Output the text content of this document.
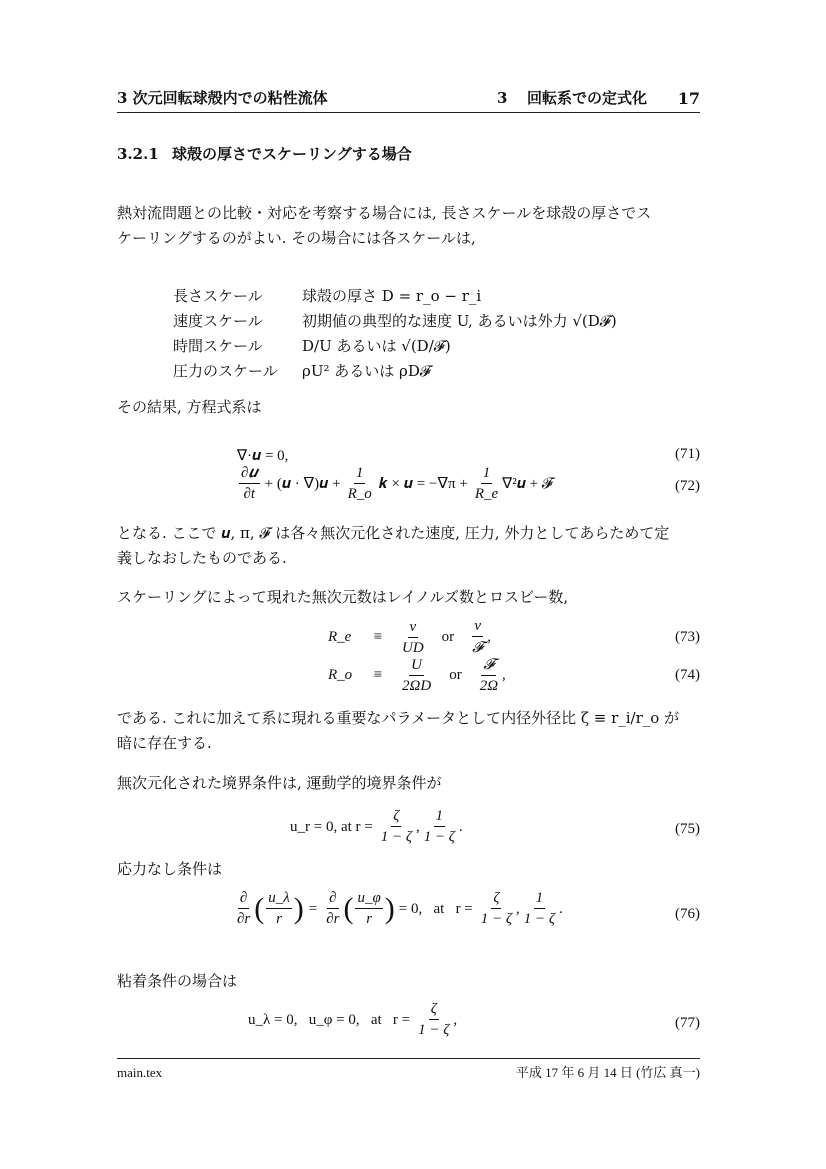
3 次元回転球殻内での粘性流体	3 回転系での定式化 17
3.2.1 球殻の厚さでスケーリングする場合
熱対流問題との比較・対応を考察する場合には, 長さスケールを球殻の厚さでス
ケーリングするのがよい. その場合には各スケールは,
長さスケール	球殻の厚さ D = r_o − r_i
速度スケール	初期値の典型的な速度 U, あるいは外力 √(D𝓕)
時間スケール	D/U あるいは √(D/𝓕)
圧力のスケール ρU² あるいは ρD𝓕
その結果, 方程式系は
∇·𝒖 = 0,	(71)
$\frac{\text{∂𝒖}}{\partial t}$ + (𝒖 · ∇)𝒖 + $\frac{1}{R\_o}$ 𝒌 × 𝒖 = $-\nabla\pi + \frac{1}{R\_e}$ ∇²𝒖 + 𝓕	(72)
となる. ここで 𝒖, π, 𝓕 は各々無次元化された速度, 圧力, 外力としてあらためて定
義しなおしたものである.
スケーリングによって現れた無次元数はレイノルズ数とロスビー数,
R_e	≡	$\frac{\nu}{UD}$ or $\frac{\nu}{\text{𝓕}}$ ,	(73)
R_o	≡	$\frac{U}{2\Omega D}$ or $\frac{\text{𝓕}}{2\Omega}$ ,	(74)
である. これに加えて系に現れる重要なパラメータとして内径外径比 ζ ≡ r_i/r_o が
暗に存在する.
無次元化された境界条件は, 運動学的境界条件が
u_r = 0, at $r = \frac{\zeta}{1 - \zeta}$ , $\frac{1}{1 - \zeta}$ .	(75)
応力なし条件は
$\frac{\partial}{\partial r}$ ( $\frac{u\_\lambda}{r}$ ) = $\frac{\partial}{\partial r}$ ( $\frac{u\_\varphi}{r}$ ) = 0,   at   $r = \frac{\zeta}{1 - \zeta}$ , $\frac{1}{1 - \zeta}$ .	(76)
粘着条件の場合は
u_λ = 0,   u_φ = 0,   at   $r = \frac{\zeta}{1 - \zeta}$ ,	(77)
main.tex	平成 17 年 6 月 14 日 (竹広 真一)
